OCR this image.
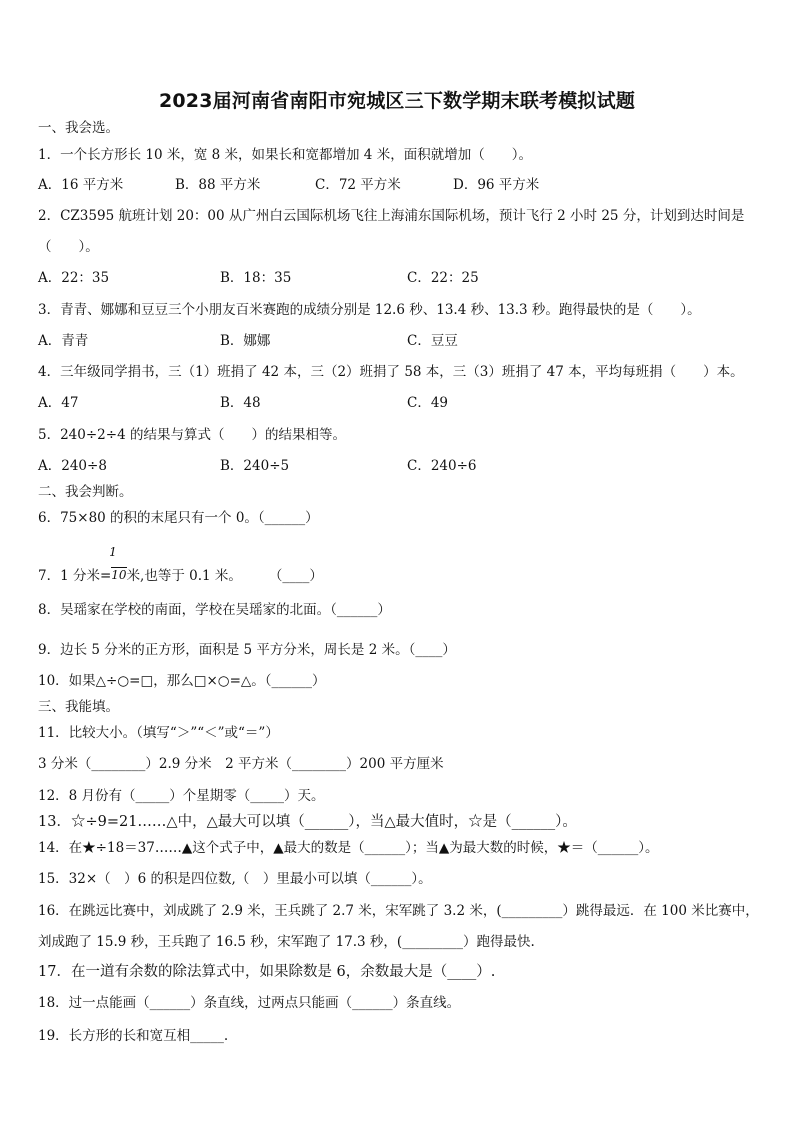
2023届河南省南阳市宛城区三下数学期末联考模拟试题
一、我会选。
1．一个长方形长 10 米，宽 8 米，如果长和宽都增加 4 米，面积就增加（　　）。
A．16 平方米	B．88 平方米	C．72 平方米	D．96 平方米
2．CZ3595 航班计划 20：00 从广州白云国际机场飞往上海浦东国际机场，预计飞行 2 小时 25 分，计划到达时间是
（　　）。
A．22：35	B．18：35	C．22：25
3．青青、娜娜和豆豆三个小朋友百米赛跑的成绩分别是 12.6 秒、13.4 秒、13.3 秒。跑得最快的是（　　）。
A．青青	B．娜娜	C．豆豆
4．三年级同学捐书，三（1）班捐了 42 本，三（2）班捐了 58 本，三（3）班捐了 47 本，平均每班捐（　　）本。
A．47	B．48	C．49
5．240÷2÷4 的结果与算式（　　）的结果相等。
A．240÷8	B．240÷5	C．240÷6
二、我会判断。
6．75×80 的积的末尾只有一个 0。（______）
1
7．1 分米=10米,也等于 0.1 米。　　　（____）
8．吴瑶家在学校的南面，学校在吴瑶家的北面。（______）
9．边长 5 分米的正方形，面积是 5 平方分米，周长是 2 米。（____）
10．如果△÷○=□，那么□×○=△。（______）
三、我能填。
11．比较大小。（填写“＞”“＜”或“＝”）
3 分米（________）2.9 分米　2 平方米（________）200 平方厘米
12．8 月份有（_____）个星期零（_____）天。
13．☆÷9=21……△中，△最大可以填（______），当△最大值时，☆是（______）。
14．在★÷18＝37……▲这个式子中，▲最大的数是（______）；当▲为最大数的时候，★＝（______）。
15．32×（　）6 的积是四位数,（　）里最小可以填（______）。
16．在跳远比赛中，刘成跳了 2.9 米，王兵跳了 2.7 米，宋军跳了 3.2 米，(_________）跳得最远．在 100 米比赛中，
刘成跑了 15.9 秒，王兵跑了 16.5 秒，宋军跑了 17.3 秒，(_________）跑得最快.
17．在一道有余数的除法算式中，如果除数是 6，余数最大是（____）.
18．过一点能画（______）条直线，过两点只能画（______）条直线。
19．长方形的长和宽互相_____.
